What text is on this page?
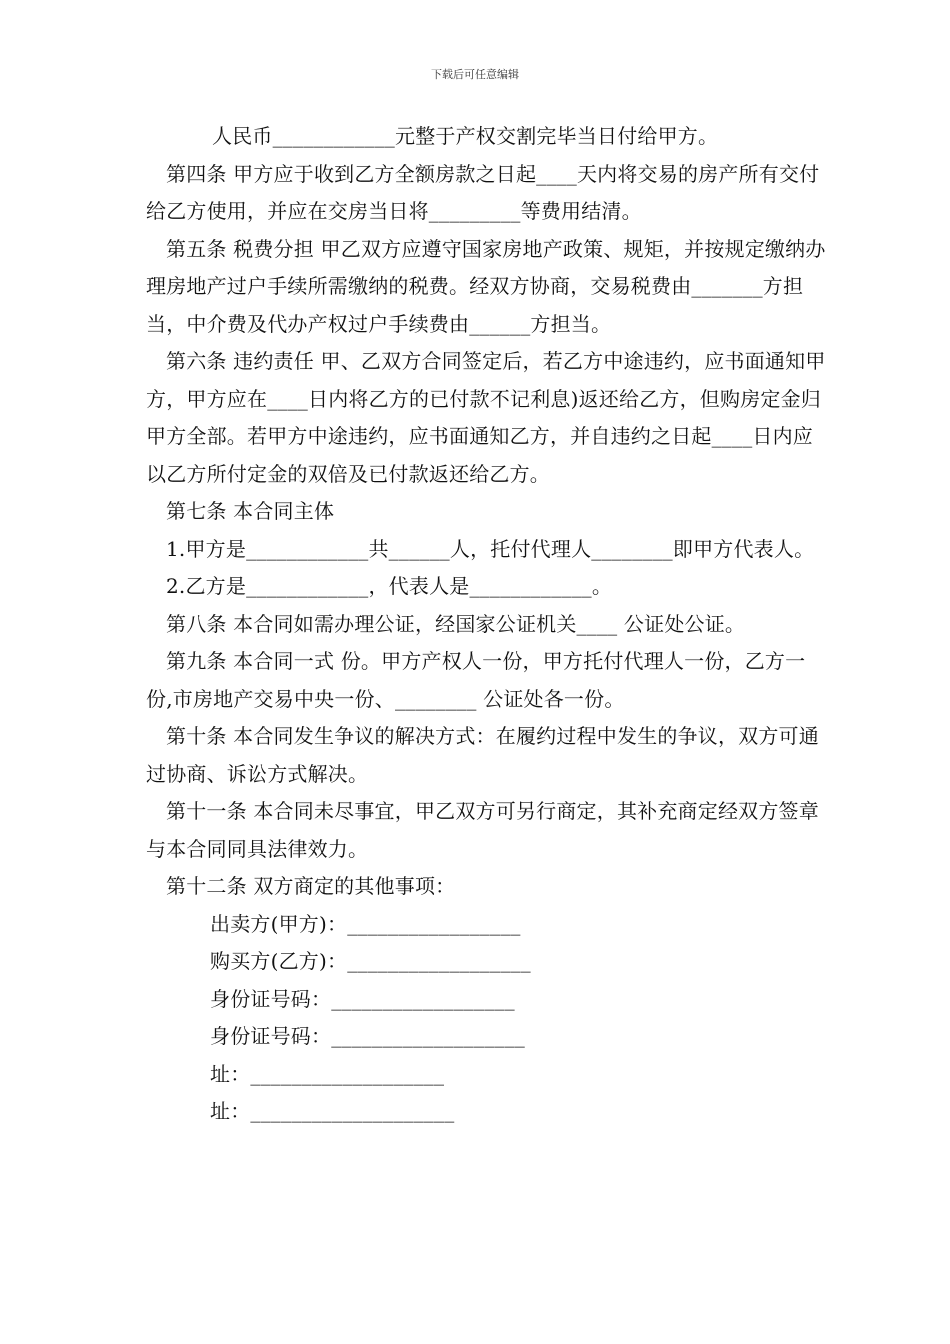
下载后可任意编辑

人民币____________元整于产权交割完毕当日付给甲方。

第四条 甲方应于收到乙方全额房款之日起____天内将交易的房产所有交付给乙方使用，并应在交房当日将_________等费用结清。

第五条 税费分担 甲乙双方应遵守国家房地产政策、规矩，并按规定缴纳办理房地产过户手续所需缴纳的税费。经双方协商，交易税费由_______方担当，中介费及代办产权过户手续费由______方担当。

第六条 违约责任 甲、乙双方合同签定后，若乙方中途违约，应书面通知甲方，甲方应在____日内将乙方的已付款不记利息)返还给乙方，但购房定金归甲方全部。若甲方中途违约，应书面通知乙方，并自违约之日起____日内应以乙方所付定金的双倍及已付款返还给乙方。

第七条 本合同主体

1.甲方是____________共______人，托付代理人________即甲方代表人。

2.乙方是____________，代表人是____________。

第八条 本合同如需办理公证，经国家公证机关____ 公证处公证。

第九条 本合同一式 份。甲方产权人一份，甲方托付代理人一份，乙方一份,市房地产交易中央一份、________ 公证处各一份。

第十条 本合同发生争议的解决方式：在履约过程中发生的争议，双方可通过协商、诉讼方式解决。

第十一条 本合同未尽事宜，甲乙双方可另行商定，其补充商定经双方签章与本合同同具法律效力。

第十二条 双方商定的其他事项：

出卖方(甲方)：_________________

购买方(乙方)：__________________

身份证号码：__________________

身份证号码：___________________

址：___________________

址：____________________
